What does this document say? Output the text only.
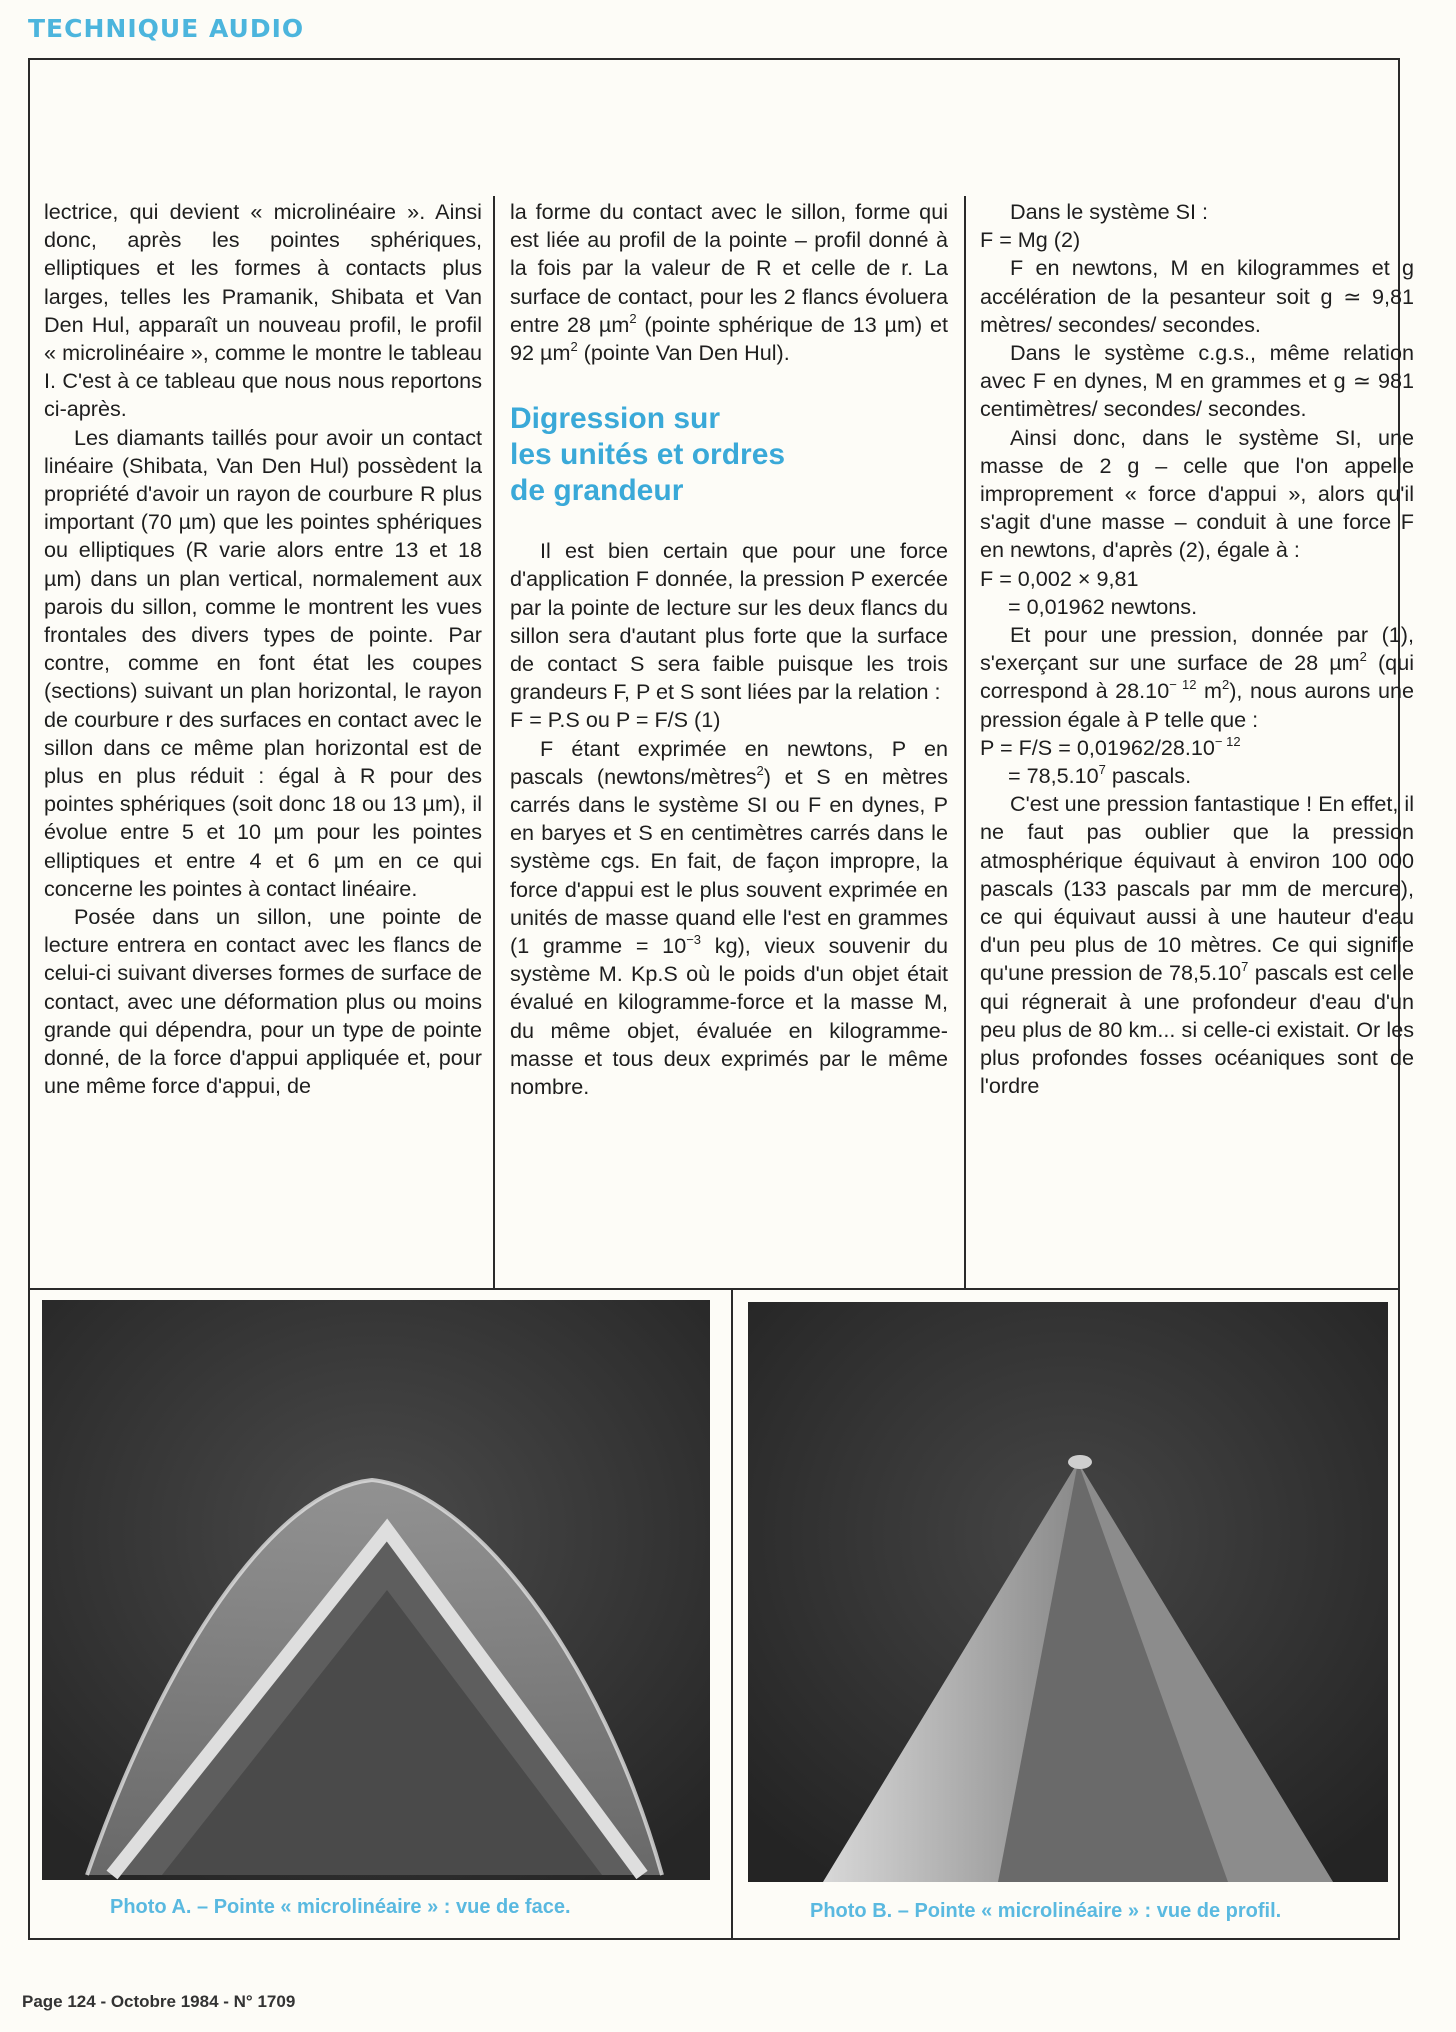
TECHNIQUE AUDIO

lectrice, qui devient « microlinéaire ». Ainsi donc, après les pointes sphériques, elliptiques et les formes à contacts plus larges, telles les Pramanik, Shibata et Van Den Hul, apparaît un nouveau profil, le profil « microlinéaire », comme le montre le tableau I. C'est à ce tableau que nous nous reportons ci-après.

Les diamants taillés pour avoir un contact linéaire (Shibata, Van Den Hul) possèdent la propriété d'avoir un rayon de courbure R plus important (70 µm) que les pointes sphériques ou elliptiques (R varie alors entre 13 et 18 µm) dans un plan vertical, normalement aux parois du sillon, comme le montrent les vues frontales des divers types de pointe. Par contre, comme en font état les coupes (sections) suivant un plan horizontal, le rayon de courbure r des surfaces en contact avec le sillon dans ce même plan horizontal est de plus en plus réduit : égal à R pour des pointes sphériques (soit donc 18 ou 13 µm), il évolue entre 5 et 10 µm pour les pointes elliptiques et entre 4 et 6 µm en ce qui concerne les pointes à contact linéaire.

Posée dans un sillon, une pointe de lecture entrera en contact avec les flancs de celui-ci suivant diverses formes de surface de contact, avec une déformation plus ou moins grande qui dépendra, pour un type de pointe donné, de la force d'appui appliquée et, pour une même force d'appui, de

la forme du contact avec le sillon, forme qui est liée au profil de la pointe – profil donné à la fois par la valeur de R et celle de r. La surface de contact, pour les 2 flancs évoluera entre 28 µm$^2$ (pointe sphérique de 13 µm) et 92 µm$^2$ (pointe Van Den Hul).

Digression sur
les unités et ordres
de grandeur

Il est bien certain que pour une force d'application F donnée, la pression P exercée par la pointe de lecture sur les deux flancs du sillon sera d'autant plus forte que la surface de contact S sera faible puisque les trois grandeurs F, P et S sont liées par la relation :

F = P.S ou P = F/S (1)

F étant exprimée en newtons, P en pascals (newtons/mètres$^2$) et S en mètres carrés dans le système SI ou F en dynes, P en baryes et S en centimètres carrés dans le système cgs. En fait, de façon impropre, la force d'appui est le plus souvent exprimée en unités de masse quand elle l'est en grammes (1 gramme = $10^{-3}$ kg), vieux souvenir du système M. Kp.S où le poids d'un objet était évalué en kilogramme-force et la masse M, du même objet, évaluée en kilogramme-masse et tous deux exprimés par le même nombre.

Dans le système SI :

F = Mg (2)

F en newtons, M en kilogrammes et g accélération de la pesanteur soit g ≃ 9,81 mètres/ secondes/ secondes.

Dans le système c.g.s., même relation avec F en dynes, M en grammes et g ≃ 981 centimètres/ secondes/ secondes.

Ainsi donc, dans le système SI, une masse de 2 g – celle que l'on appelle improprement « force d'appui », alors qu'il s'agit d'une masse – conduit à une force F en newtons, d'après (2), égale à :

F = 0,002 × 9,81

= 0,01962 newtons.

Et pour une pression, donnée par (1), s'exerçant sur une surface de 28 µm$^2$ (qui correspond à $28.10^{- 12}$ $m^2$), nous aurons une pression égale à P telle que :

$P = F/S = 0,01962/28.10^{- 12}$

= $78,5.10^7$ pascals.

C'est une pression fantastique ! En effet, il ne faut pas oublier que la pression atmosphérique équivaut à environ 100 000 pascals (133 pascals par mm de mercure), ce qui équivaut aussi à une hauteur d'eau d'un peu plus de 10 mètres. Ce qui signifie qu'une pression de 78,5.10$^7$ pascals est celle qui régnerait à une profondeur d'eau d'un peu plus de 80 km... si celle-ci existait. Or les plus profondes fosses océaniques sont de l'ordre

Photo A. – Pointe « microlinéaire » : vue de face.	Photo B. – Pointe « microlinéaire » : vue de profil.
Page 124 - Octobre 1984 - N° 1709
